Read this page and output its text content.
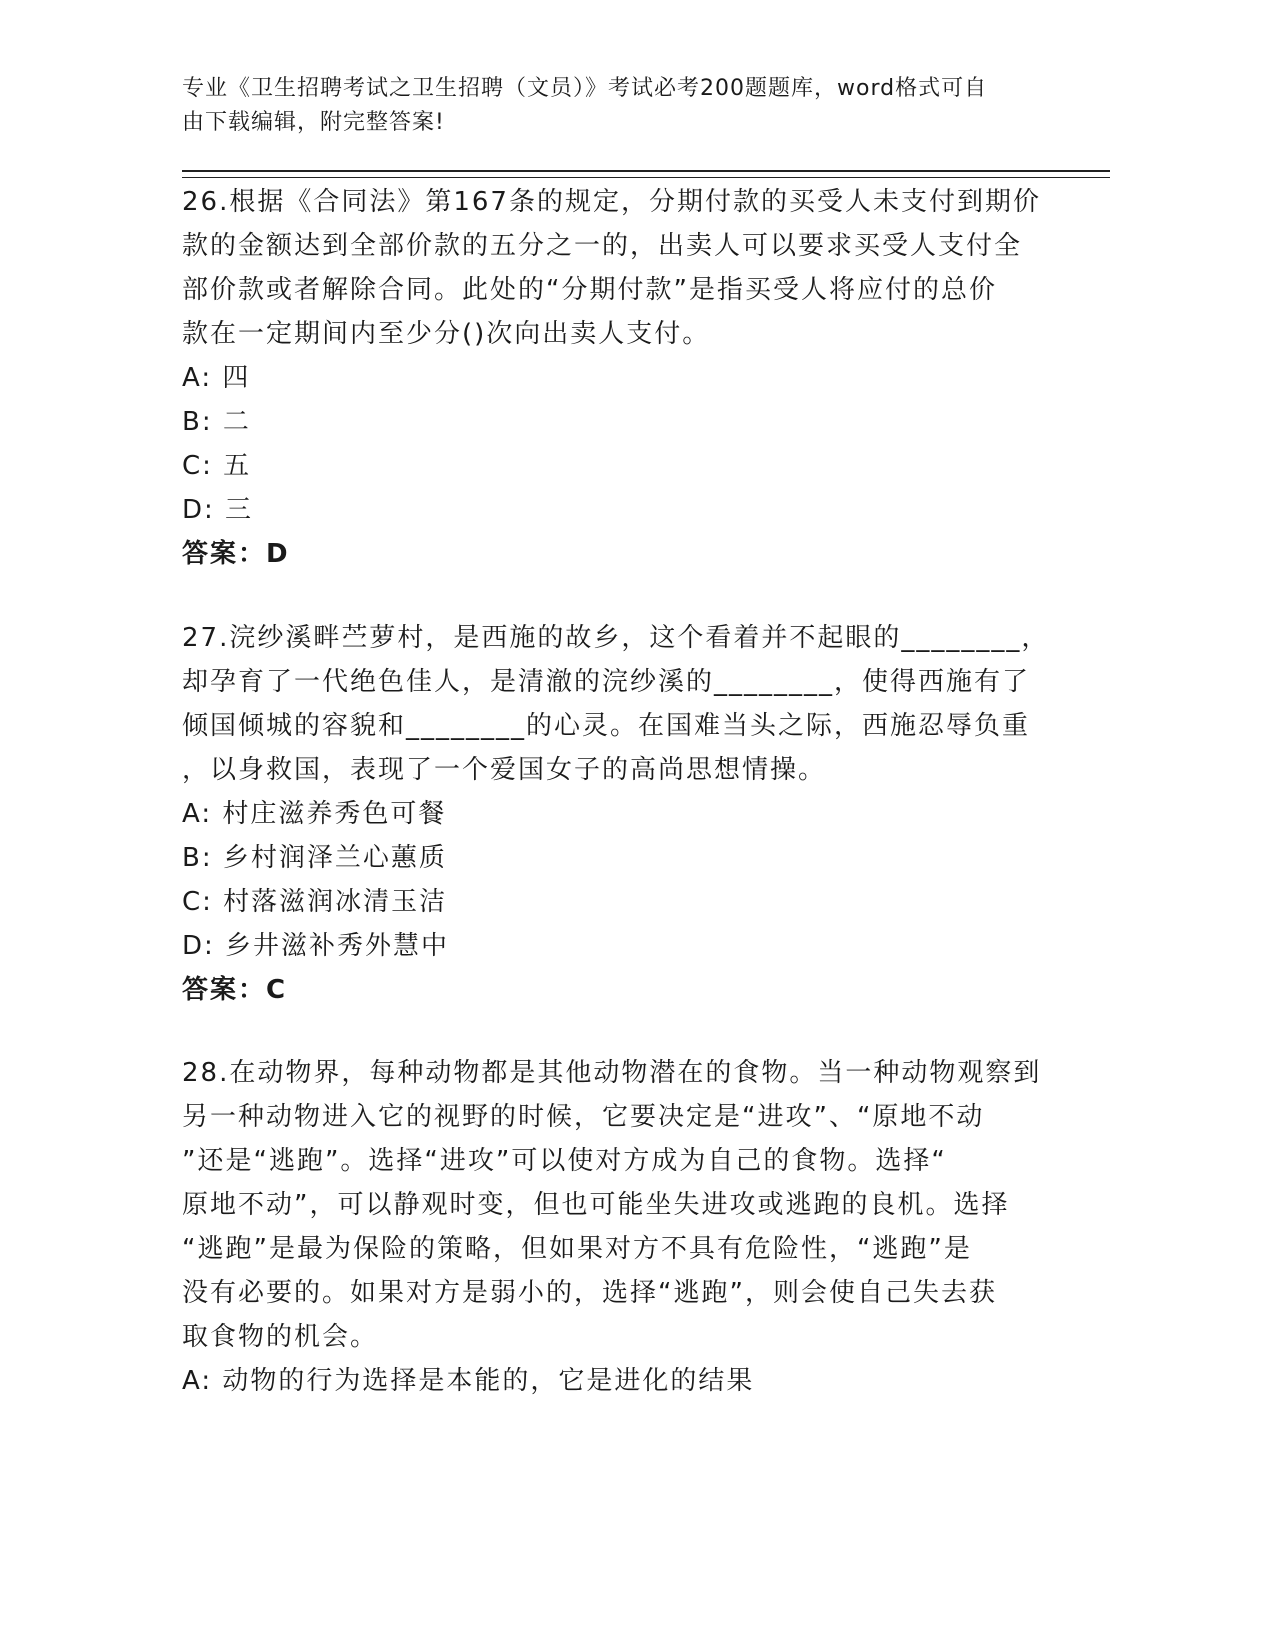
专业《卫生招聘考试之卫生招聘（文员）》考试必考200题题库，word格式可自
由下载编辑，附完整答案!

26.根据《合同法》第167条的规定，分期付款的买受人未支付到期价

款的金额达到全部价款的五分之一的，出卖人可以要求买受人支付全

部价款或者解除合同。此处的“分期付款”是指买受人将应付的总价

款在一定期间内至少分()次向出卖人支付。

A: 四

B: 二

C: 五

D: 三

答案：D

27.浣纱溪畔苎萝村，是西施的故乡，这个看着并不起眼的________，

却孕育了一代绝色佳人，是清澈的浣纱溪的________，使得西施有了

倾国倾城的容貌和________的心灵。在国难当头之际，西施忍辱负重

，以身救国，表现了一个爱国女子的高尚思想情操。

A: 村庄滋养秀色可餐

B: 乡村润泽兰心蕙质

C: 村落滋润冰清玉洁

D: 乡井滋补秀外慧中

答案：C

28.在动物界，每种动物都是其他动物潜在的食物。当一种动物观察到

另一种动物进入它的视野的时候，它要决定是“进攻”、“原地不动

”还是“逃跑”。选择“进攻”可以使对方成为自己的食物。选择“

原地不动”，可以静观时变，但也可能坐失进攻或逃跑的良机。选择

“逃跑”是最为保险的策略，但如果对方不具有危险性，“逃跑”是

没有必要的。如果对方是弱小的，选择“逃跑”，则会使自己失去获

取食物的机会。

A: 动物的行为选择是本能的，它是进化的结果
